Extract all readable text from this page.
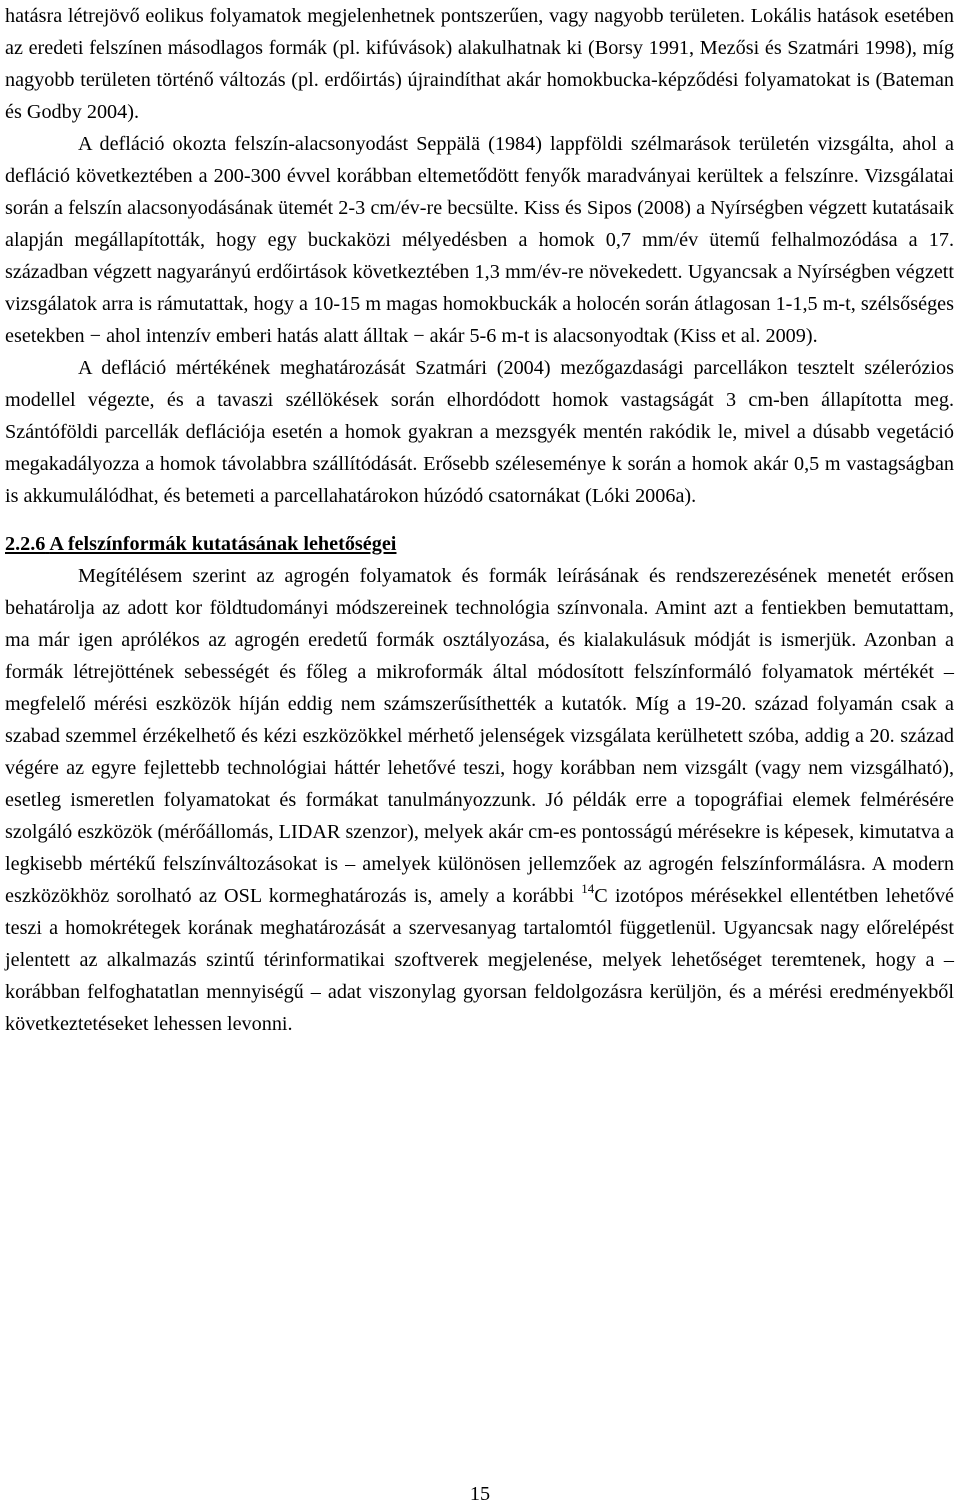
hatásra létrejövő eolikus folyamatok megjelenhetnek pontszerűen, vagy nagyobb területen. Lokális hatások esetében az eredeti felszínen másodlagos formák (pl. kifúvások) alakulhatnak ki (Borsy 1991, Mezősi és Szatmári 1998), míg nagyobb területen történő változás (pl. erdőirtás) újraindíthat akár homokbucka-képződési folyamatokat is (Bateman és Godby 2004).

A defláció okozta felszín-alacsonyodást Seppälä (1984) lappföldi szélmarások területén vizsgálta, ahol a defláció következtében a 200-300 évvel korábban eltemetődött fenyők maradványai kerültek a felszínre. Vizsgálatai során a felszín alacsonyodásának ütemét 2-3 cm/év-re becsülte. Kiss és Sipos (2008) a Nyírségben végzett kutatásaik alapján megállapították, hogy egy buckaközi mélyedésben a homok 0,7 mm/év ütemű felhalmozódása a 17. században végzett nagyarányú erdőirtások következtében 1,3 mm/év-re növekedett. Ugyancsak a Nyírségben végzett vizsgálatok arra is rámutattak, hogy a 10-15 m magas homokbuckák a holocén során átlagosan 1-1,5 m-t, szélsőséges esetekben − ahol intenzív emberi hatás alatt álltak − akár 5-6 m-t is alacsonyodtak (Kiss et al. 2009).

A defláció mértékének meghatározását Szatmári (2004) mezőgazdasági parcellákon tesztelt szélerózios modellel végezte, és a tavaszi széllökések során elhordódott homok vastagságát 3 cm-ben állapította meg. Szántóföldi parcellák deflációja esetén a homok gyakran a mezsgyék mentén rakódik le, mivel a dúsabb vegetáció megakadályozza a homok távolabbra szállítódását. Erősebb széleseménye k során a homok akár 0,5 m vastagságban is akkumulálódhat, és betemeti a parcellahatárokon húzódó csatornákat (Lóki 2006a).

2.2.6 A felszínformák kutatásának lehetőségei

Megítélésem szerint az agrogén folyamatok és formák leírásának és rendszerezésének menetét erősen behatárolja az adott kor földtudományi módszereinek technológia színvonala. Amint azt a fentiekben bemutattam, ma már igen aprólékos az agrogén eredetű formák osztályozása, és kialakulásuk módját is ismerjük. Azonban a formák létrejöttének sebességét és főleg a mikroformák által módosított felszínformáló folyamatok mértékét – megfelelő mérési eszközök híján eddig nem számszerűsíthették a kutatók. Míg a 19-20. század folyamán csak a szabad szemmel érzékelhető és kézi eszközökkel mérhető jelenségek vizsgálata kerülhetett szóba, addig a 20. század végére az egyre fejlettebb technológiai háttér lehetővé teszi, hogy korábban nem vizsgált (vagy nem vizsgálható), esetleg ismeretlen folyamatokat és formákat tanulmányozzunk. Jó példák erre a topográfiai elemek felmérésére szolgáló eszközök (mérőállomás, LIDAR szenzor), melyek akár cm-es pontosságú mérésekre is képesek, kimutatva a legkisebb mértékű felszínváltozásokat is – amelyek különösen jellemzőek az agrogén felszínformálásra. A modern eszközökhöz sorolható az OSL kormeghatározás is, amely a korábbi $^{14}$C izotópos mérésekkel ellentétben lehetővé teszi a homokrétegek korának meghatározását a szervesanyag tartalomtól függetlenül. Ugyancsak nagy előrelépést jelentett az alkalmazás szintű térinformatikai szoftverek megjelenése, melyek lehetőséget teremtenek, hogy a – korábban felfoghatatlan mennyiségű – adat viszonylag gyorsan feldolgozásra kerüljön, és a mérési eredményekből következtetéseket lehessen levonni.

15
